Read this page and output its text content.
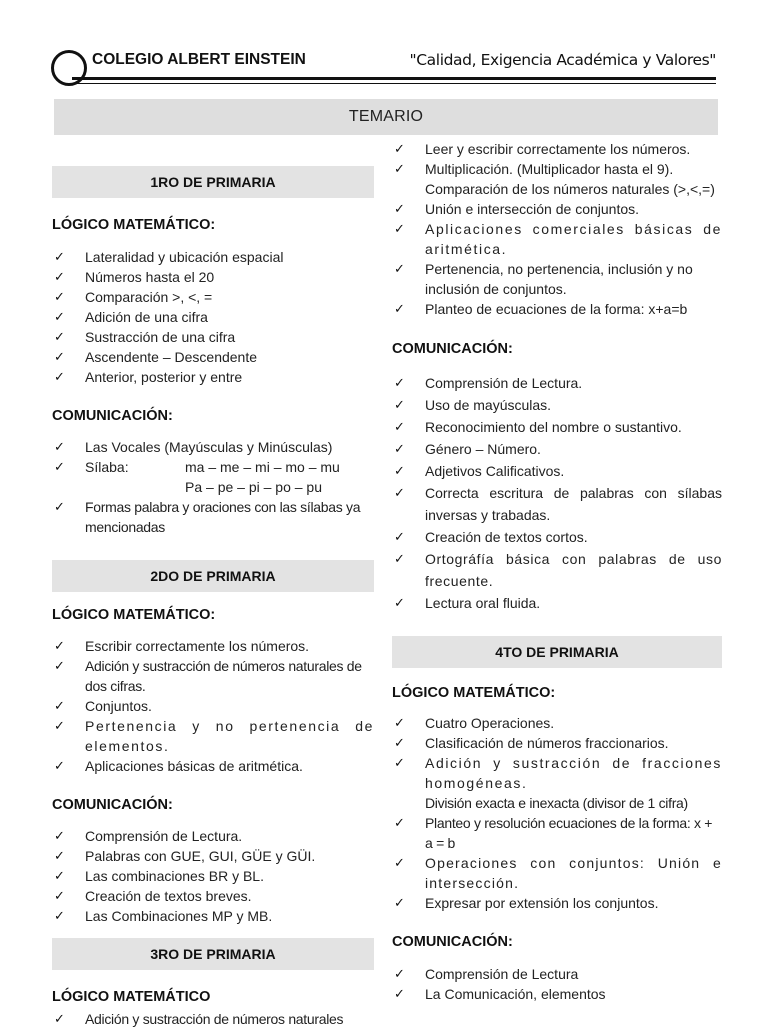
COLEGIO ALBERT EINSTEIN	"Calidad, Exigencia Académica y Valores"
TEMARIO
1RO DE PRIMARIA
LÓGICO MATEMÁTICO:
✓ Lateralidad y ubicación espacial
✓ Números hasta el 20
✓ Comparación >, <, =
✓ Adición de una cifra
✓ Sustracción de una cifra
✓ Ascendente – Descendente
✓ Anterior, posterior y entre
COMUNICACIÓN:
✓ Las Vocales (Mayúsculas y Minúsculas)
✓ Sílaba:	ma – me – mi – mo – mu
Pa – pe – pi – po – pu
✓ Formas palabra y oraciones con las sílabas ya mencionadas
2DO DE PRIMARIA
LÓGICO MATEMÁTICO:
✓ Escribir correctamente los números.
✓ Adición y sustracción de números naturales de dos cifras.
✓ Conjuntos.
✓ Pertenencia y no pertenencia de elementos.
✓ Aplicaciones básicas de aritmética.
COMUNICACIÓN:
✓ Comprensión de Lectura.
✓ Palabras con GUE, GUI, GÜE y GÜI.
✓ Las combinaciones BR y BL.
✓ Creación de textos breves.
✓ Las Combinaciones MP y MB.
3RO DE PRIMARIA
LÓGICO MATEMÁTICO
✓ Adición y sustracción de números naturales
✓ Leer y escribir correctamente los números.
✓ Multiplicación. (Multiplicador hasta el 9).
Comparación de los números naturales (>,<,=)
✓ Unión e intersección de conjuntos.
✓ Aplicaciones comerciales básicas de aritmética.
✓ Pertenencia, no pertenencia, inclusión y no inclusión de conjuntos.
✓ Planteo de ecuaciones de la forma: x+a=b
COMUNICACIÓN:
✓ Comprensión de Lectura.
✓ Uso de mayúsculas.
✓ Reconocimiento del nombre o sustantivo.
✓ Género – Número.
✓ Adjetivos Calificativos.
✓ Correcta escritura de palabras con sílabas inversas y trabadas.
✓ Creación de textos cortos.
✓ Ortográfía básica con palabras de uso frecuente.
✓ Lectura oral fluida.
4TO DE PRIMARIA
LÓGICO MATEMÁTICO:
✓ Cuatro Operaciones.
✓ Clasificación de números fraccionarios.
✓ Adición y sustracción de fracciones homogéneas.
División exacta e inexacta (divisor de 1 cifra)
✓ Planteo y resolución ecuaciones de la forma: x + a = b
✓ Operaciones con conjuntos: Unión e intersección.
✓ Expresar por extensión los conjuntos.
COMUNICACIÓN:
✓ Comprensión de Lectura
✓ La Comunicación, elementos
